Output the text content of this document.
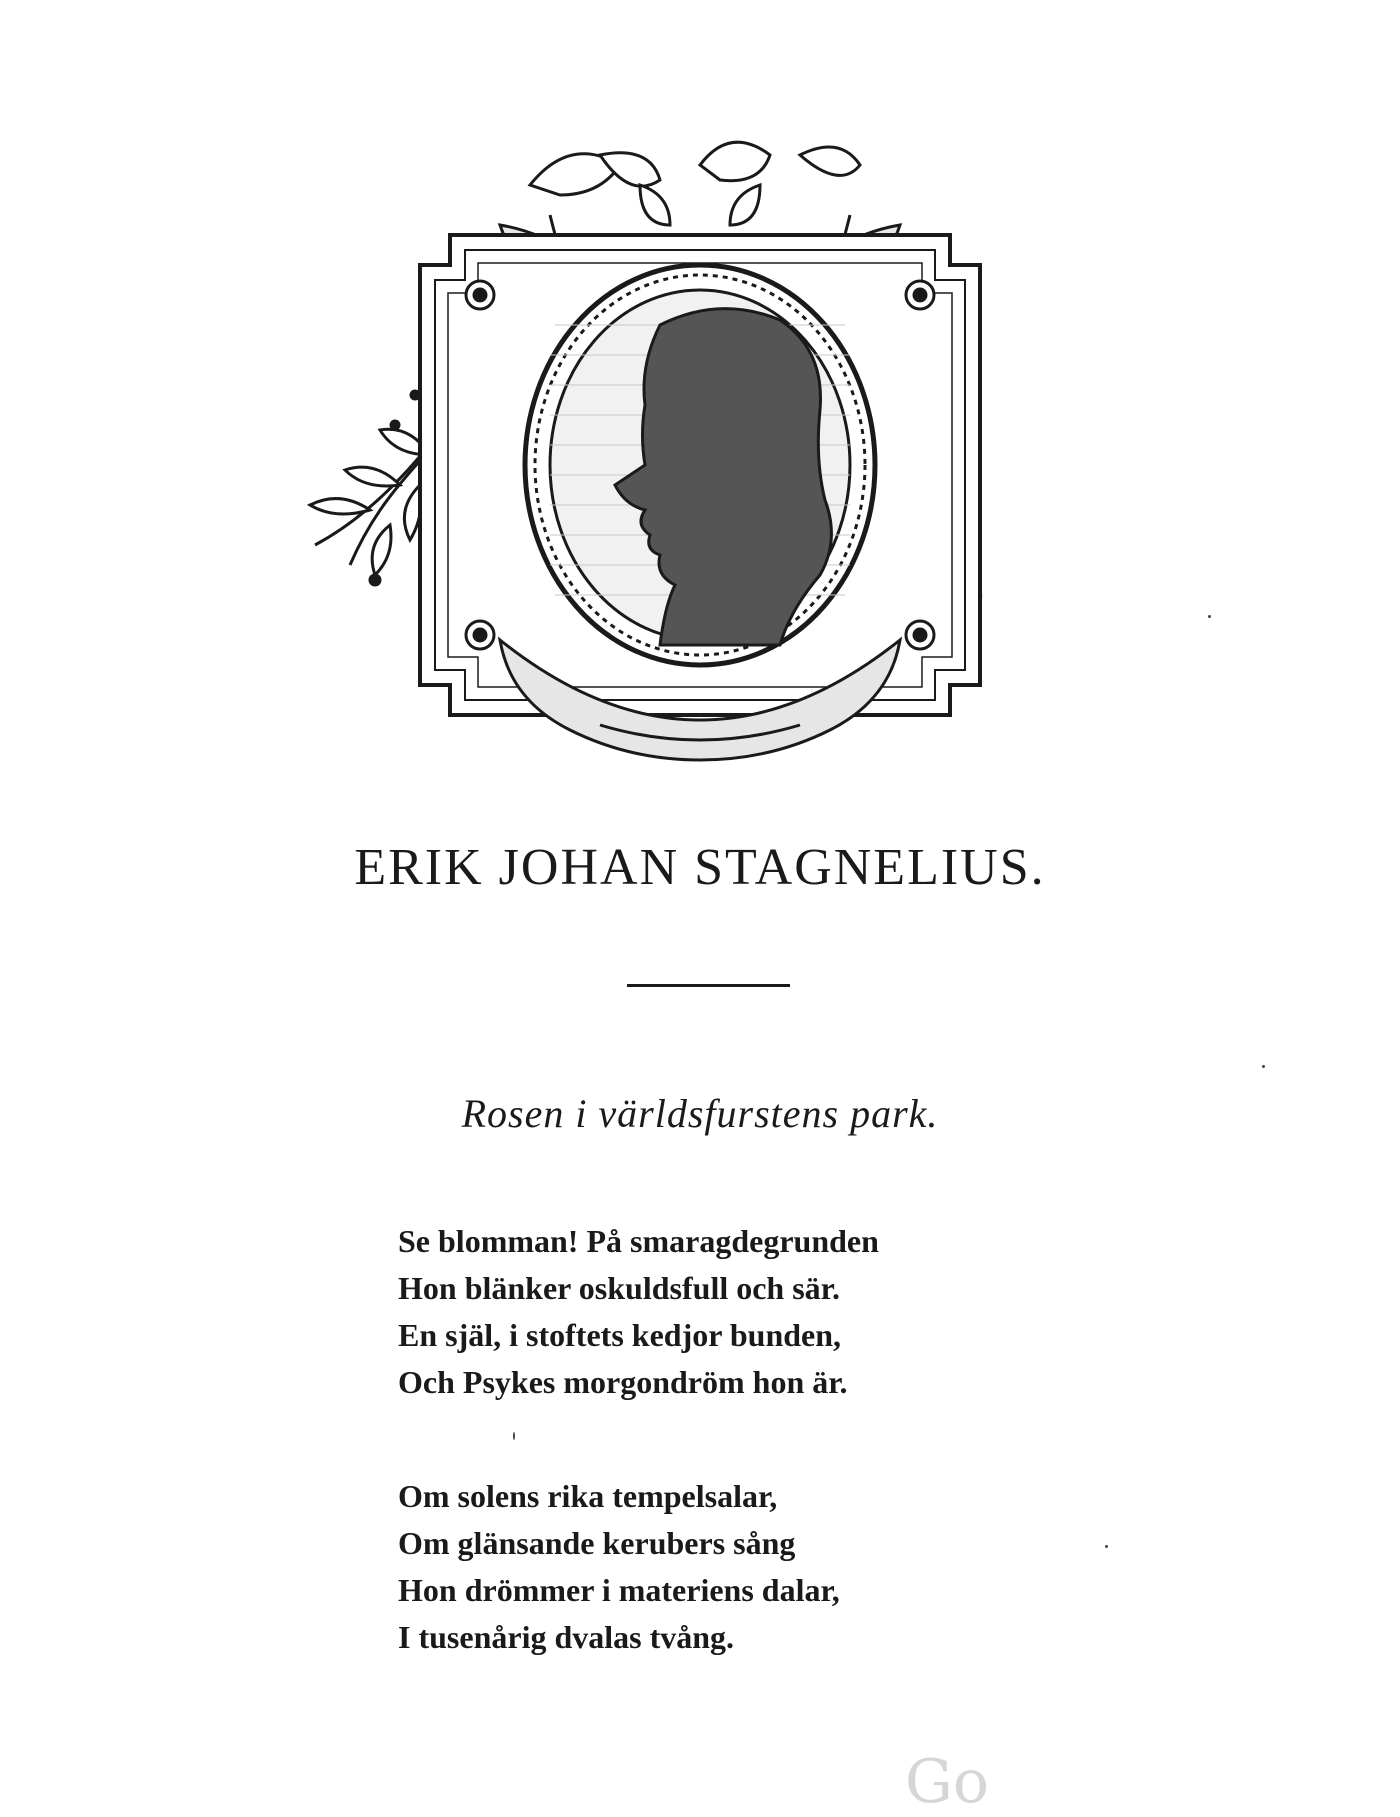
ERIK JOHAN STAGNELIUS.
Rosen i världsfurstens park.
Se blomman! På smaragdegrunden
Hon blänker oskuldsfull och sär.
En själ, i stoftets kedjor bunden,
Och Psykes morgondröm hon är.
Om solens rika tempelsalar,
Om glänsande kerubers sång
Hon drömmer i materiens dalar,
I tusenårig dvalas tvång.
Go
